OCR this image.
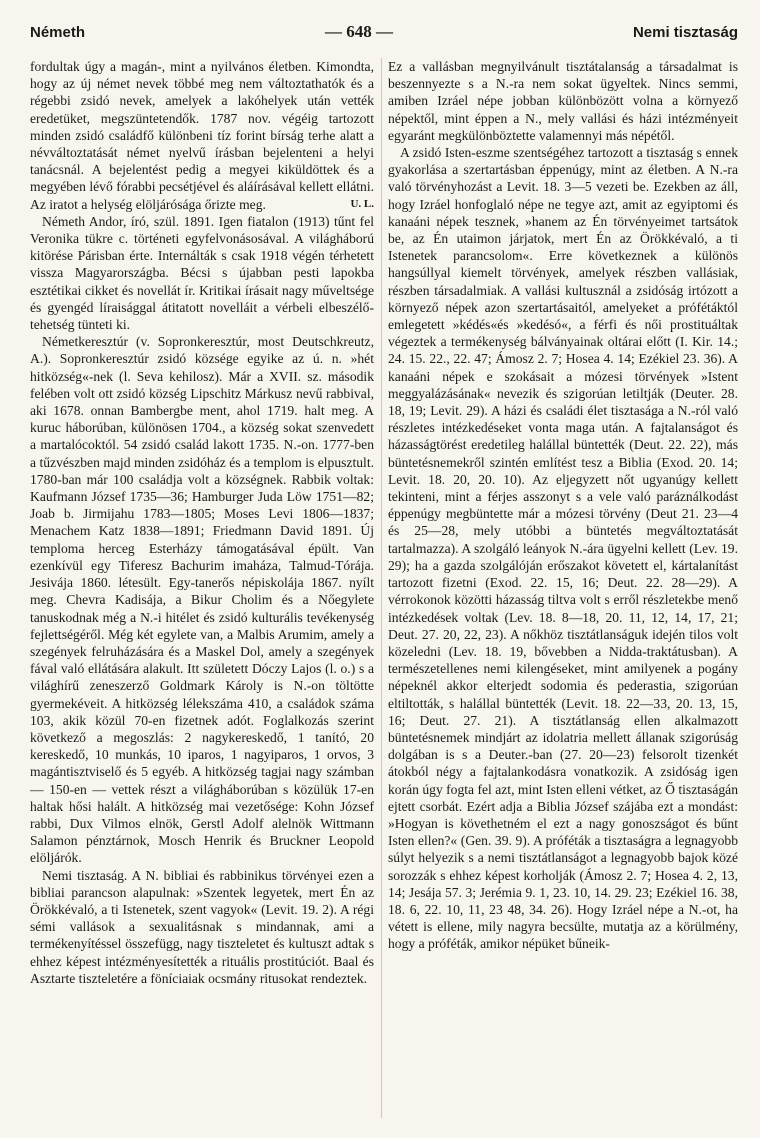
Németh	— 648 —	Nemi tisztaság

fordultak úgy a magán-, mint a nyilvános életben. Kimondta, hogy az új német nevek többé meg nem változtathatók és a régebbi zsidó nevek, amelyek a lakóhelyek után vették eredetüket, megszüntetendők. 1787 nov. végéig tartozott minden zsidó családfő különbeni tíz forint bírság terhe alatt a névváltoztatását német nyelvű írásban bejelenteni a helyi tanácsnál. A bejelentést pedig a megyei kiküldöttek és a megyében lévő fórabbi pecsétjével és aláírásával kellett ellátni. Az iratot a helység elöljárósága őrizte meg.	U. L.

Németh Andor, író, szül. 1891. Igen fiatalon (1913) tűnt fel Veronika tükre c. történeti egyfelvonásosával. A világháború kitörése Párisban érte. Internálták s csak 1918 végén térhetett vissza Magyarországba. Bécsi s újabban pesti lapokba esztétikai cikket és novellát ír. Kritikai írásait nagy műveltsége és gyengéd líraisággal átitatott novelláit a vérbeli elbeszélő-tehetség tünteti ki.

Németkeresztúr (v. Sopronkeresztúr, most Deutschkreutz, A.). Sopronkeresztúr zsidó községe egyike az ú. n. »hét hitközség«-nek (l. Seva kehilosz). Már a XVII. sz. második felében volt ott zsidó község Lipschitz Márkusz nevű rabbival, aki 1678. onnan Bambergbe ment, ahol 1719. halt meg. A kuruc háborúban, különösen 1704., a község sokat szenvedett a martalócoktól. 54 zsidó család lakott 1735. N.-on. 1777-ben a tűzvészben majd minden zsidóház és a templom is elpusztult. 1780-ban már 100 családja volt a községnek. Rabbik voltak: Kaufmann József 1735—36; Hamburger Juda Löw 1751—82; Joab b. Jirmijahu 1783—1805; Moses Levi 1806—1837; Menachem Katz 1838—1891; Friedmann David 1891. Új temploma herceg Esterházy támogatásával épült. Van ezenkívül egy Tiferesz Bachurim imaháza, Talmud-Tórája. Jesivája 1860. létesült. Egy-tanerős népiskolája 1867. nyílt meg. Chevra Kadisája, a Bikur Cholim és a Nőegylete tanuskodnak még a N.-i hitélet és zsidó kulturális tevékenység fejlettségéről. Még két egylete van, a Malbis Arumim, amely a szegények felruházására és a Maskel Dol, amely a szegények fával való ellátására alakult. Itt született Dóczy Lajos (l. o.) s a világhírű zeneszerző Goldmark Károly is N.-on töltötte gyermekéveit. A hitközség lélekszáma 410, a családok száma 103, akik közül 70-en fizetnek adót. Foglalkozás szerint következő a megoszlás: 2 nagykereskedő, 1 tanító, 20 kereskedő, 10 munkás, 10 iparos, 1 nagyiparos, 1 orvos, 3 magántisztviselő és 5 egyéb. A hitközség tagjai nagy számban — 150-en — vettek részt a világháborúban s közülük 17-en haltak hősi halált. A hitközség mai vezetősége: Kohn József rabbi, Dux Vilmos elnök, Gerstl Adolf alelnök Wittmann Salamon pénztárnok, Mosch Henrik és Bruckner Leopold elöljárók.

Nemi tisztaság. A N. bibliai és rabbinikus törvényei ezen a bibliai parancson alapulnak: »Szentek legyetek, mert Én az Örökkévaló, a ti Istenetek, szent vagyok« (Levit. 19. 2). A régi sémi vallások a sexualitásnak s mindannak, ami a termékenyítéssel összefügg, nagy tiszteletet és kultuszt adtak s ehhez képest intézményesítették a rituális prostitúciót. Baal és Asztarte tiszteletére a föníciaiak ocsmány ritusokat rendeztek.

Ez a vallásban megnyilvánult tisztátalanság a társadalmat is beszennyezte s a N.-ra nem sokat ügyeltek. Nincs semmi, amiben Izráel népe jobban különbözött volna a környező népektől, mint éppen a N., mely vallási és házi intézményeit egyaránt megkülönböztette valamennyi más népétől.

A zsidó Isten-eszme szentségéhez tartozott a tisztaság s ennek gyakorlása a szertartásban éppenúgy, mint az életben. A N.-ra való törvényhozást a Levit. 18. 3—5 vezeti be. Ezekben az áll, hogy Izráel honfoglaló népe ne tegye azt, amit az egyiptomi és kanaáni népek tesznek, »hanem az Én törvényeimet tartsátok be, az Én utaimon járjatok, mert Én az Örökkévaló, a ti Istenetek parancsolom«. Erre következnek a különös hangsúllyal kiemelt törvények, amelyek részben vallásiak, részben társadalmiak. A vallási kultusznál a zsidóság irtózott a környező népek azon szertartásaitól, amelyeket a prófétáktól emlegetett »kédés«és »kedésó«, a férfi és női prostituáltak végeztek a termékenység bálványainak oltárai előtt (I. Kir. 14.; 24. 15. 22., 22. 47; Ámosz 2. 7; Hosea 4. 14; Ezékiel 23. 36). A kanaáni népek e szokásait a mózesi törvények »Istent meggyalázásának« nevezik és szigorúan letiltják (Deuter. 28. 18, 19; Levit. 29). A házi és családi élet tisztasága a N.-ról való részletes intézkedéseket vonta maga után. A fajtalanságot és házasságtörést eredetileg halállal büntették (Deut. 22. 22), más büntetésnemekről szintén említést tesz a Biblia (Exod. 20. 14; Levit. 18. 20, 20. 10). Az eljegyzett nőt ugyanúgy kellett tekinteni, mint a férjes asszonyt s a vele való paráználkodást éppenúgy megbüntette már a mózesi törvény (Deut 21. 23—4 és 25—28, mely utóbbi a büntetés megváltoztatását tartalmazza). A szolgáló leányok N.-ára ügyelni kellett (Lev. 19. 29); ha a gazda szolgálóján erőszakot követett el, kártalanítást tartozott fizetni (Exod. 22. 15, 16; Deut. 22. 28—29). A vérrokonok közötti házasság tiltva volt s erről részletekbe menő intézkedések voltak (Lev. 18. 8—18, 20. 11, 12, 14, 17, 21; Deut. 27. 20, 22, 23). A nőkhöz tisztátlanságuk idején tilos volt közeledni (Lev. 18. 19, bővebben a Nidda-traktátusban). A természetellenes nemi kilengéseket, mint amilyenek a pogány népeknél akkor elterjedt sodomia és pederastia, szigorúan eltiltották, s halállal büntették (Levit. 18. 22—33, 20. 13, 15, 16; Deut. 27. 21). A tisztátlanság ellen alkalmazott büntetésnemek mindjárt az idolatria mellett állanak szigorúság dolgában is s a Deuter.-ban (27. 20—23) felsorolt tizenkét átokból négy a fajtalankodásra vonatkozik. A zsidóság igen korán úgy fogta fel azt, mint Isten elleni vétket, az Ő tisztaságán ejtett csorbát. Ezért adja a Biblia József szájába ezt a mondást: »Hogyan is követhetném el ezt a nagy gonoszságot és bűnt Isten ellen?« (Gen. 39. 9). A próféták a tisztaságra a legnagyobb súlyt helyezik s a nemi tisztátlanságot a legnagyobb bajok közé sorozzák s ehhez képest korholják (Ámosz 2. 7; Hosea 4. 2, 13, 14; Jesája 57. 3; Jerémia 9. 1, 23. 10, 14. 29. 23; Ezékiel 16. 38, 18. 6, 22. 10, 11, 23 48, 34. 26). Hogy Izráel népe a N.-ot, ha vétett is ellene, mily nagyra becsülte, mutatja az a körülmény, hogy a próféták, amikor népüket bűneik-
